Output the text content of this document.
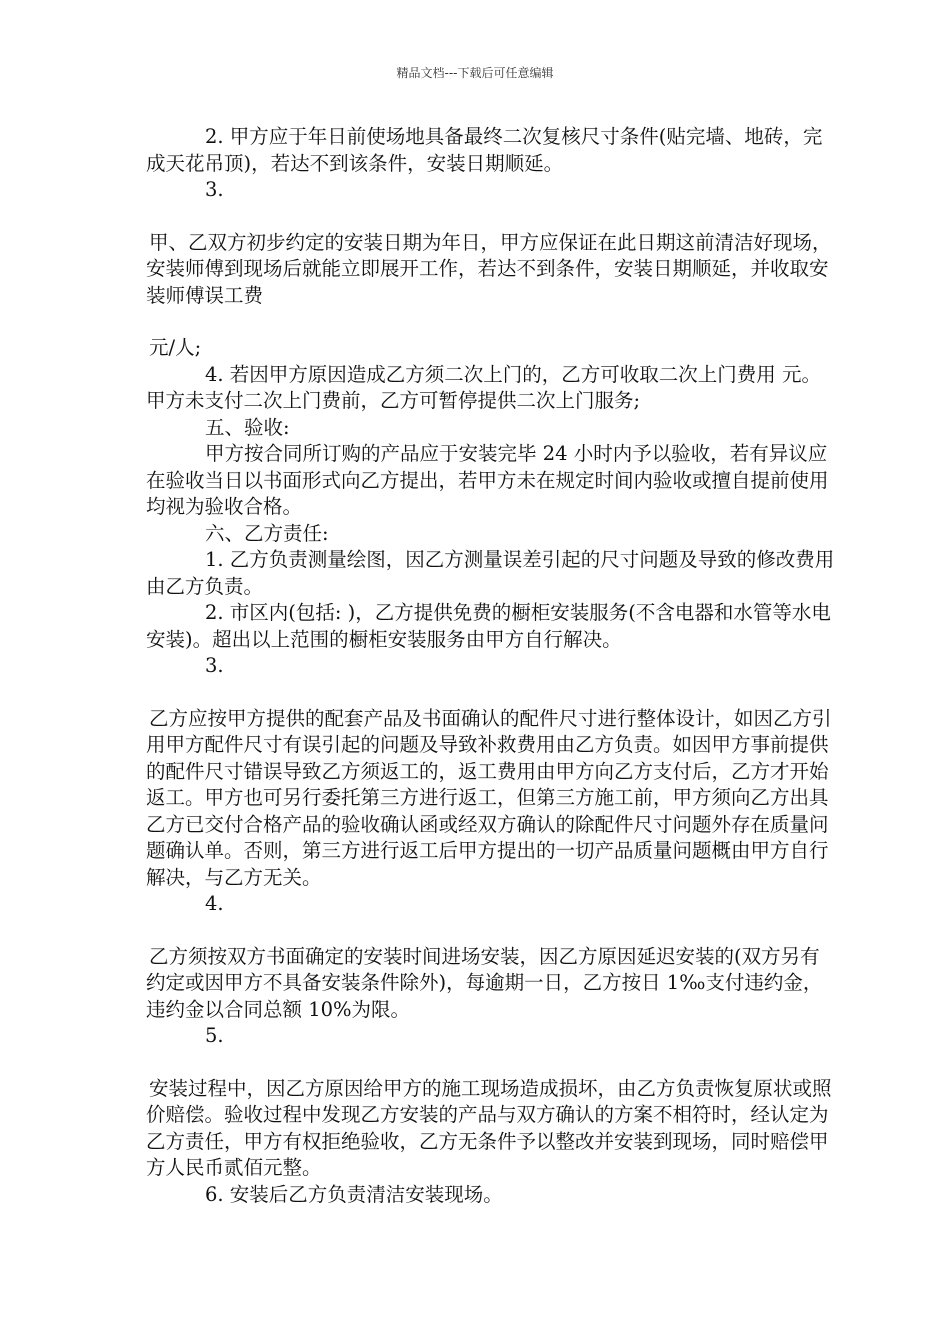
精品文档---下载后可任意编辑

2. 甲方应于年日前使场地具备最终二次复核尺寸条件(贴完墙、地砖，完成天花吊顶)，若达不到该条件，安装日期顺延。

3.

甲、乙双方初步约定的安装日期为年日，甲方应保证在此日期这前清洁好现场，安装师傅到现场后就能立即展开工作，若达不到条件，安装日期顺延，并收取安装师傅误工费

元/人;

4. 若因甲方原因造成乙方须二次上门的，乙方可收取二次上门费用 元。甲方未支付二次上门费前，乙方可暂停提供二次上门服务;

五、验收:

甲方按合同所订购的产品应于安装完毕 24 小时内予以验收，若有异议应在验收当日以书面形式向乙方提出，若甲方未在规定时间内验收或擅自提前使用均视为验收合格。

六、乙方责任:

1. 乙方负责测量绘图，因乙方测量误差引起的尺寸问题及导致的修改费用由乙方负责。

2. 市区内(包括: )，乙方提供免费的橱柜安装服务(不含电器和水管等水电安装)。超出以上范围的橱柜安装服务由甲方自行解决。

3.

乙方应按甲方提供的配套产品及书面确认的配件尺寸进行整体设计，如因乙方引用甲方配件尺寸有误引起的问题及导致补救费用由乙方负责。如因甲方事前提供的配件尺寸错误导致乙方须返工的，返工费用由甲方向乙方支付后，乙方才开始返工。甲方也可另行委托第三方进行返工，但第三方施工前，甲方须向乙方出具乙方已交付合格产品的验收确认函或经双方确认的除配件尺寸问题外存在质量问题确认单。否则，第三方进行返工后甲方提出的一切产品质量问题概由甲方自行解决，与乙方无关。

4.

乙方须按双方书面确定的安装时间进场安装，因乙方原因延迟安装的(双方另有约定或因甲方不具备安装条件除外)，每逾期一日，乙方按日 1‰支付违约金，违约金以合同总额 10%为限。

5.

安装过程中，因乙方原因给甲方的施工现场造成损坏，由乙方负责恢复原状或照价赔偿。验收过程中发现乙方安装的产品与双方确认的方案不相符时，经认定为乙方责任，甲方有权拒绝验收，乙方无条件予以整改并安装到现场，同时赔偿甲方人民币贰佰元整。

6. 安装后乙方负责清洁安装现场。
